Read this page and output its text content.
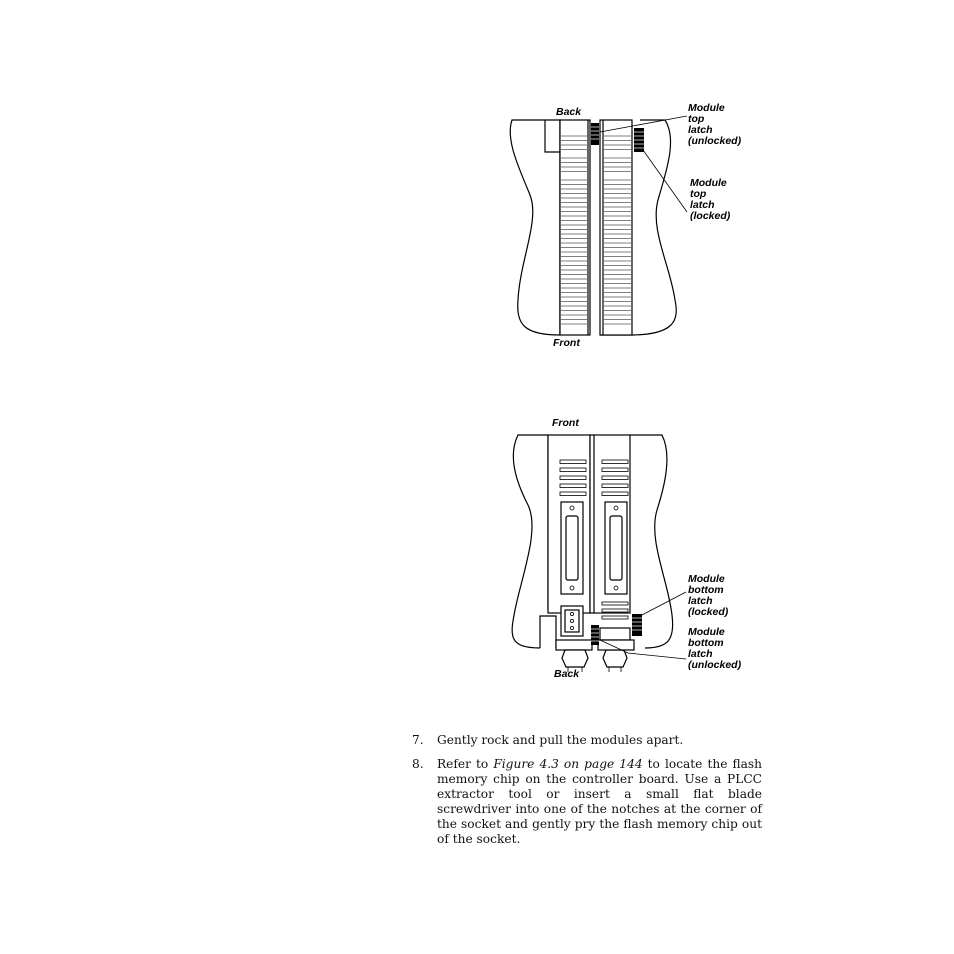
Back
Front
Module top latch (unlocked)
Module top latch (locked)
Front
Back
Module bottom latch (locked)
Module bottom latch (unlocked)
7. Gently rock and pull the modules apart.
8. Refer to Figure 4.3 on page 144 to locate the flash memory chip on the controller board. Use a PLCC extractor tool or insert a small flat blade screwdriver into one of the notches at the corner of the socket and gently pry the flash memory chip out of the socket.
